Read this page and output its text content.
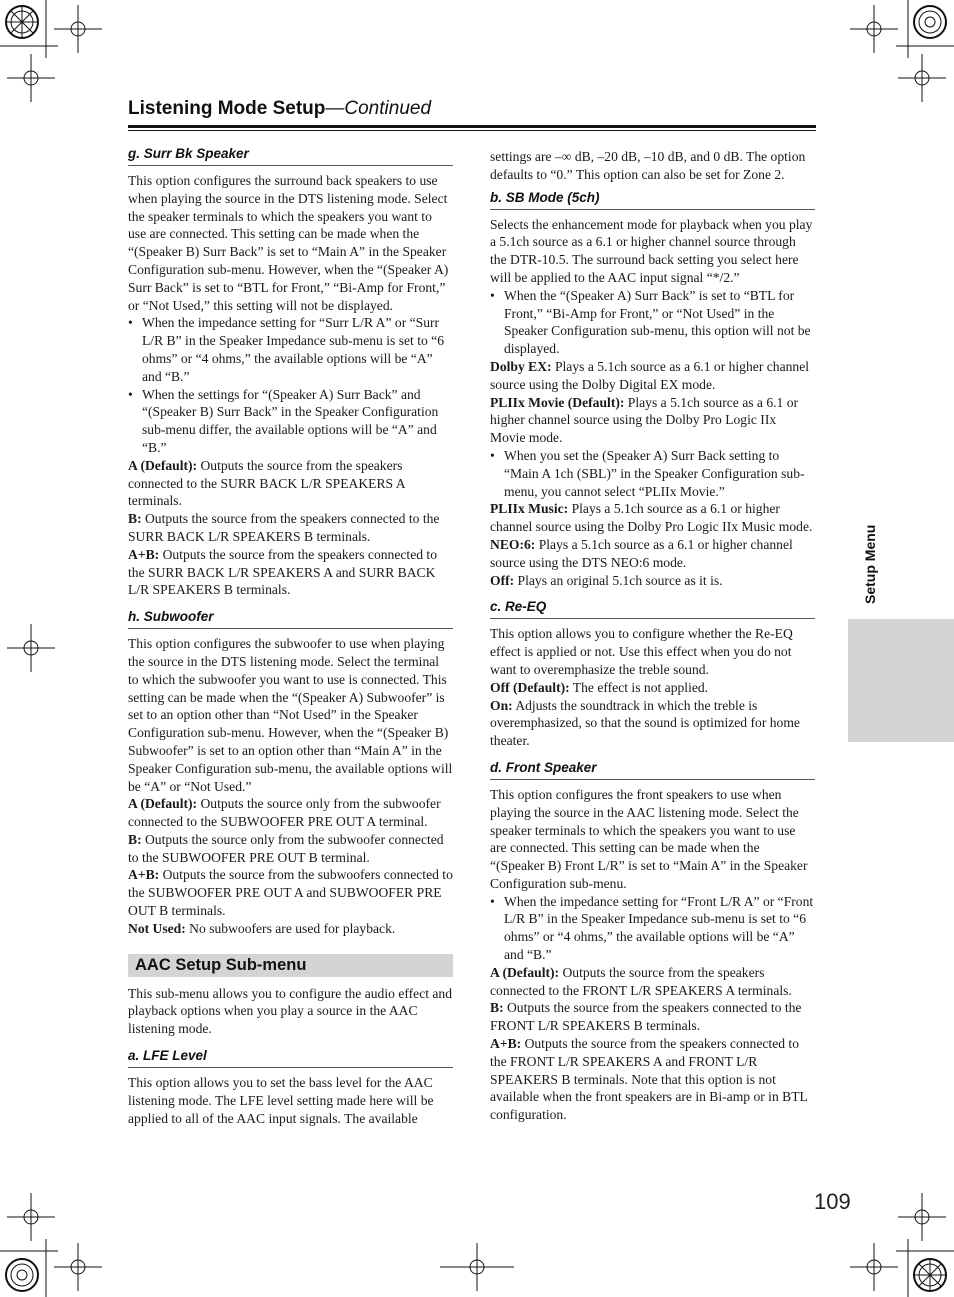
Listening Mode Setup—Continued
Setup Menu
g. Surr Bk Speaker

This option configures the surround back speakers to use when playing the source in the DTS listening mode. Select the speaker terminals to which the speakers you want to use are connected. This setting can be made when the “(Speaker B) Surr Back” is set to “Main A” in the Speaker Configuration sub-menu. However, when the “(Speaker A) Surr Back” is set to “BTL for Front,” “Bi-Amp for Front,” or “Not Used,” this setting will not be displayed.

• When the impedance setting for “Surr L/R A” or “Surr L/R B” in the Speaker Impedance sub-menu is set to “6 ohms” or “4 ohms,” the available options will be “A” and “B.”
• When the settings for “(Speaker A) Surr Back” and “(Speaker B) Surr Back” in the Speaker Configuration sub-menu differ, the available options will be “A” and “B.”

A (Default): Outputs the source from the speakers connected to the SURR BACK L/R SPEAKERS A terminals.

B: Outputs the source from the speakers connected to the SURR BACK L/R SPEAKERS B terminals.

A+B: Outputs the source from the speakers connected to the SURR BACK L/R SPEAKERS A and SURR BACK L/R SPEAKERS B terminals.

h. Subwoofer

This option configures the subwoofer to use when playing the source in the DTS listening mode. Select the terminal to which the subwoofer you want to use is connected. This setting can be made when the “(Speaker A) Subwoofer” is set to an option other than “Not Used” in the Speaker Configuration sub-menu. However, when the “(Speaker B) Subwoofer” is set to an option other than “Main A” in the Speaker Configuration sub-menu, the available options will be “A” or “Not Used.”

A (Default): Outputs the source only from the subwoofer connected to the SUBWOOFER PRE OUT A terminal.

B: Outputs the source only from the subwoofer connected to the SUBWOOFER PRE OUT B terminal.

A+B: Outputs the source from the subwoofers connected to the SUBWOOFER PRE OUT A and SUBWOOFER PRE OUT B terminals.

Not Used: No subwoofers are used for playback.

AAC Setup Sub-menu

This sub-menu allows you to configure the audio effect and playback options when you play a source in the AAC listening mode.

a. LFE Level

This option allows you to set the bass level for the AAC listening mode. The LFE level setting made here will be applied to all of the AAC input signals. The available

settings are –∞ dB, –20 dB, –10 dB, and 0 dB. The option defaults to “0.” This option can also be set for Zone 2.

b. SB Mode (5ch)

Selects the enhancement mode for playback when you play a 5.1ch source as a 6.1 or higher channel source through the DTR-10.5. The surround back setting you select here will be applied to the AAC input signal “*/2.”

• When the “(Speaker A) Surr Back” is set to “BTL for Front,” “Bi-Amp for Front,” or “Not Used” in the Speaker Configuration sub-menu, this option will not be displayed.

Dolby EX: Plays a 5.1ch source as a 6.1 or higher channel source using the Dolby Digital EX mode.

PLIIx Movie (Default): Plays a 5.1ch source as a 6.1 or higher channel source using the Dolby Pro Logic IIx Movie mode.

• When you set the (Speaker A) Surr Back setting to “Main A 1ch (SBL)” in the Speaker Configuration sub-menu, you cannot select “PLIIx Movie.”

PLIIx Music: Plays a 5.1ch source as a 6.1 or higher channel source using the Dolby Pro Logic IIx Music mode.

NEO:6: Plays a 5.1ch source as a 6.1 or higher channel source using the DTS NEO:6 mode.

Off: Plays an original 5.1ch source as it is.

c. Re-EQ

This option allows you to configure whether the Re-EQ effect is applied or not. Use this effect when you do not want to overemphasize the treble sound.

Off (Default): The effect is not applied.

On: Adjusts the soundtrack in which the treble is overemphasized, so that the sound is optimized for home theater.

d. Front Speaker

This option configures the front speakers to use when playing the source in the AAC listening mode. Select the speaker terminals to which the speakers you want to use are connected. This setting can be made when the “(Speaker B) Front L/R” is set to “Main A” in the Speaker Configuration sub-menu.

• When the impedance setting for “Front L/R A” or “Front L/R B” in the Speaker Impedance sub-menu is set to “6 ohms” or “4 ohms,” the available options will be “A” and “B.”

A (Default): Outputs the source from the speakers connected to the FRONT L/R SPEAKERS A terminals.

B: Outputs the source from the speakers connected to the FRONT L/R SPEAKERS B terminals.

A+B: Outputs the source from the speakers connected to the FRONT L/R SPEAKERS A and FRONT L/R SPEAKERS B terminals. Note that this option is not available when the front speakers are in Bi-amp or in BTL configuration.

109
